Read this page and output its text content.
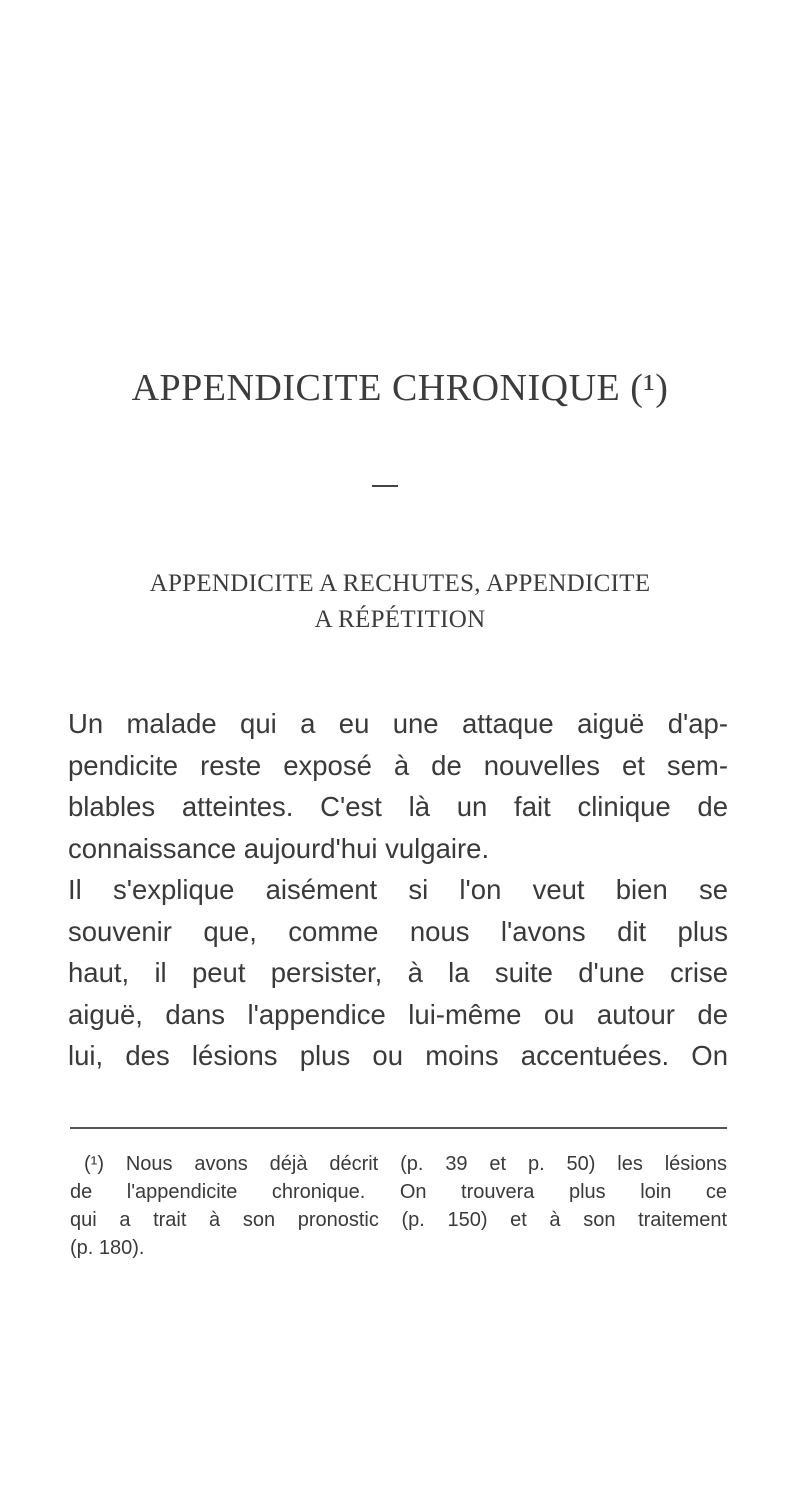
APPENDICITE CHRONIQUE (¹)
APPENDICITE A RECHUTES, APPENDICITE
A RÉPÉTITION
Un malade qui a eu une attaque aiguë d'ap-
pendicite reste exposé à de nouvelles et sem-
blables atteintes. C'est là un fait clinique de
connaissance aujourd'hui vulgaire.
Il s'explique aisément si l'on veut bien se
souvenir que, comme nous l'avons dit plus
haut, il peut persister, à la suite d'une crise
aiguë, dans l'appendice lui-même ou autour de
lui, des lésions plus ou moins accentuées. On
(¹) Nous avons déjà décrit (p. 39 et p. 50) les lésions
de l'appendicite chronique. On trouvera plus loin ce
qui a trait à son pronostic (p. 150) et à son traitement
(p. 180).
